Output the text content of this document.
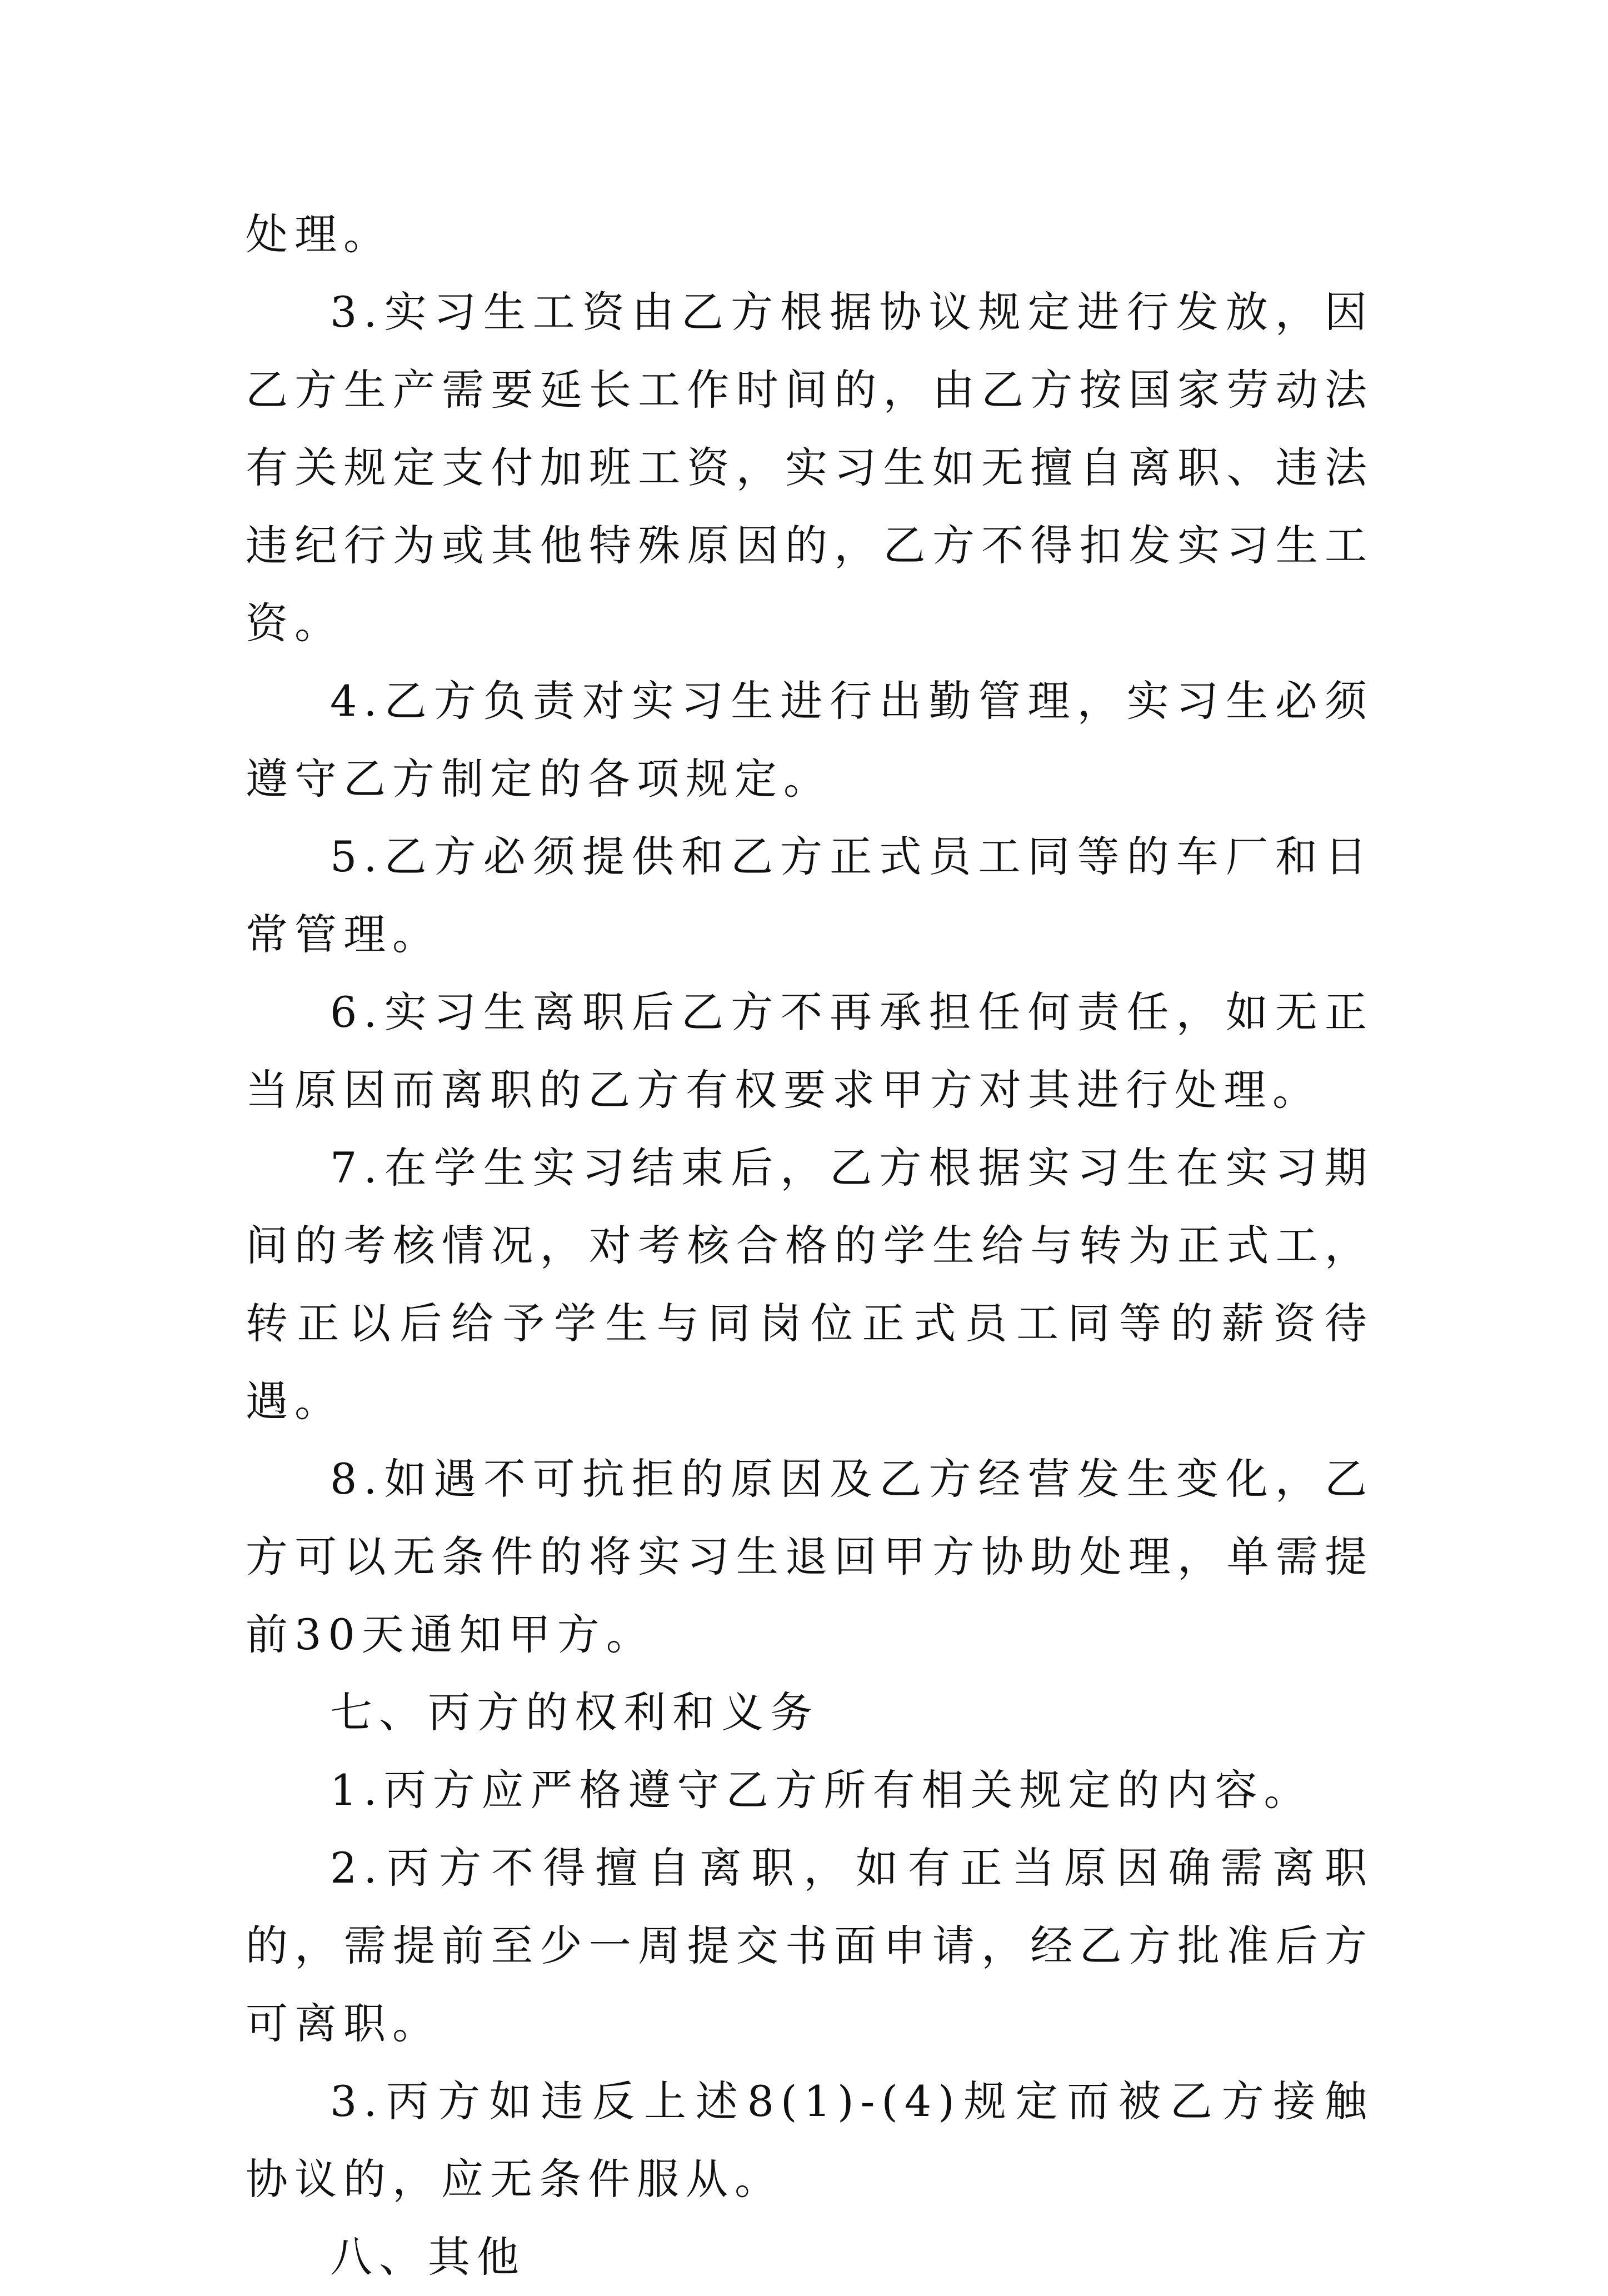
处理。

3.实习生工资由乙方根据协议规定进行发放，因乙方生产需要延长工作时间的，由乙方按国家劳动法有关规定支付加班工资，实习生如无擅自离职、违法违纪行为或其他特殊原因的，乙方不得扣发实习生工资。

4.乙方负责对实习生进行出勤管理，实习生必须遵守乙方制定的各项规定。

5.乙方必须提供和乙方正式员工同等的车厂和日常管理。

6.实习生离职后乙方不再承担任何责任，如无正当原因而离职的乙方有权要求甲方对其进行处理。

7.在学生实习结束后，乙方根据实习生在实习期间的考核情况，对考核合格的学生给与转为正式工，转正以后给予学生与同岗位正式员工同等的薪资待遇。

8.如遇不可抗拒的原因及乙方经营发生变化，乙方可以无条件的将实习生退回甲方协助处理，单需提前30天通知甲方。

七、丙方的权利和义务

1.丙方应严格遵守乙方所有相关规定的内容。

2.丙方不得擅自离职，如有正当原因确需离职的，需提前至少一周提交书面申请，经乙方批准后方可离职。

3.丙方如违反上述8(1)-(4)规定而被乙方接触协议的，应无条件服从。

八、其他
